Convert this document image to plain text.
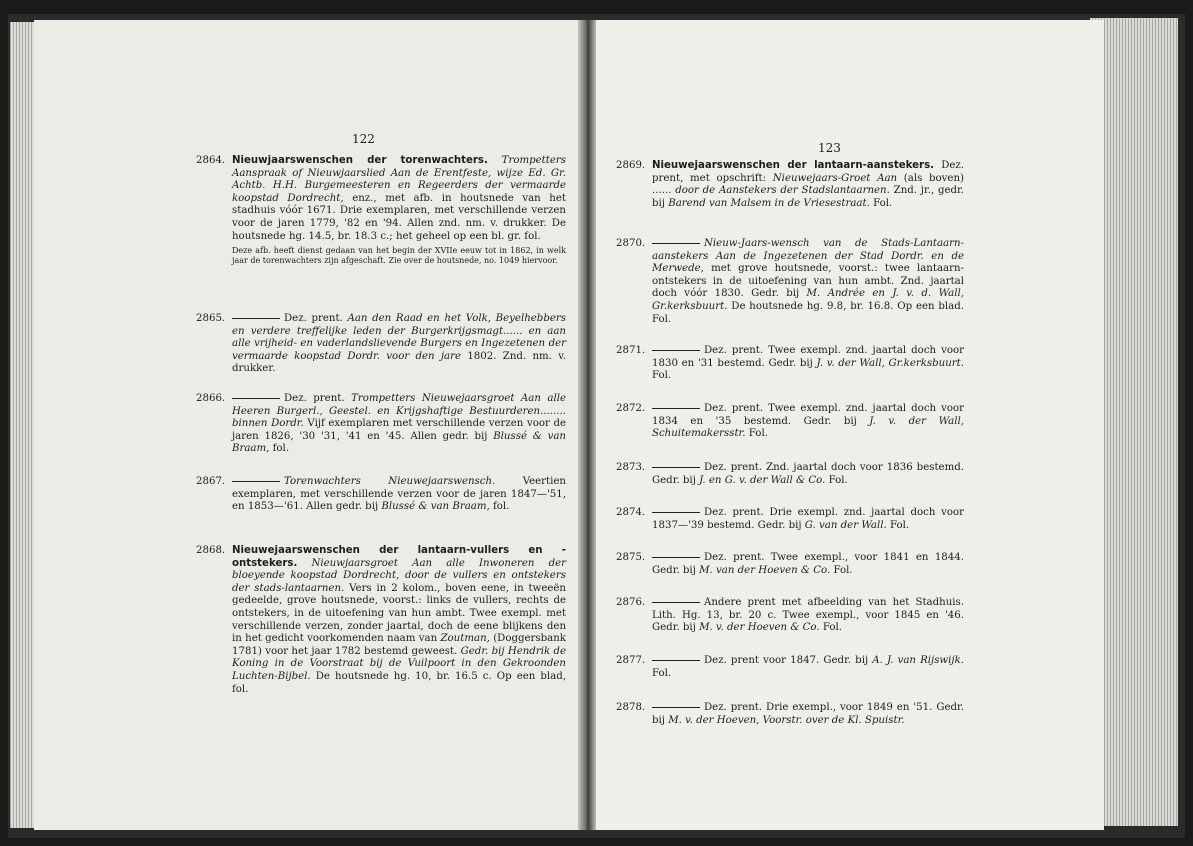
122
2864. Nieuwjaarswenschen der torenwachters. Trompetters Aanspraak of Nieuwjaarslied Aan de Erentfeste, wijze Ed. Gr. Achtb. H.H. Burgemeesteren en Regeerders der vermaarde koopstad Dordrecht, enz., met afb. in houtsnede van het stadhuis vóór 1671. Drie exemplaren, met verschillende verzen voor de jaren 1779, '82 en '94. Allen znd. nm. v. drukker. De houtsnede hg. 14.5, br. 18.3 c.; het geheel op een bl. gr. fol.
Deze afb. heeft dienst gedaan van het begin der XVIIe eeuw tot in 1862, in welk jaar de torenwachters zijn afgeschaft. Zie over de houtsnede, no. 1049 hiervoor.
2865.	Dez. prent. Aan den Raad en het Volk, Beyelhebbers en verdere treffelijke leden der Burgerkrijgsmagt...... en aan alle vrijheid- en vaderlandslievende Burgers en Ingezetenen der vermaarde koopstad Dordr. voor den jare 1802. Znd. nm. v. drukker.
2866.	Dez. prent. Trompetters Nieuwejaarsgroet Aan alle Heeren Burgerl., Geestel. en Krijgshaftige Bestuurderen........ binnen Dordr. Vijf exemplaren met verschillende verzen voor de jaren 1826, '30 '31, '41 en '45. Allen gedr. bij Blussé & van Braam, fol.
2867.	Torenwachters Nieuwejaarswensch.	Veertien exemplaren, met verschillende verzen voor de jaren 1847—'51, en 1853—'61. Allen gedr. bij Blussé & van Braam, fol.
2868. Nieuwejaarswenschen der lantaarn-vullers en -ontstekers. Nieuwjaarsgroet Aan alle Inwoneren der bloeyende koopstad Dordrecht, door de vullers en ontstekers der stads-lantaarnen. Vers in 2 kolom., boven eene, in tweeën gedeelde, grove houtsnede, voorst.: links de vullers, rechts de ontstekers, in de uitoefening van hun ambt. Twee exempl. met verschillende verzen, zonder jaartal, doch de eene blijkens den in het gedicht voorkomenden naam van Zoutman, (Doggersbank 1781) voor het jaar 1782 bestemd geweest. Gedr. bij Hendrik de Koning in de Voorstraat bij de Vuilpoort in den Gekroonden Luchten-Bijbel. De houtsnede hg. 10, br. 16.5 c. Op een blad, fol.
123
2869. Nieuwejaarswenschen der lantaarn-aanstekers. Dez. prent, met opschrift: Nieuwejaars-Groet Aan (als boven) ...... door de Aanstekers der Stadslantaarnen. Znd. jr., gedr. bij Barend van Malsem in de Vriesestraat. Fol.
2870.	Nieuw-Jaars-wensch van de Stads-Lantaarn-aanstekers Aan de Ingezetenen der Stad Dordr. en de Merwede, met grove houtsnede, voorst.: twee lantaarn-ontstekers in de uitoefening van hun ambt. Znd. jaartal doch vóór 1830. Gedr. bij M. Andrée en J. v. d. Wall, Gr.kerksbuurt. De houtsnede hg. 9.8, br. 16.8. Op een blad. Fol.
2871.	Dez. prent. Twee exempl. znd. jaartal doch voor 1830 en '31 bestemd. Gedr. bij J. v. der Wall, Gr.kerksbuurt. Fol.
2872.	Dez. prent. Twee exempl. znd. jaartal doch voor 1834 en '35 bestemd. Gedr. bij J. v. der Wall, Schuitemakersstr. Fol.
2873.	Dez. prent. Znd. jaartal doch voor 1836 bestemd. Gedr. bij J. en G. v. der Wall & Co. Fol.
2874.	Dez. prent. Drie exempl. znd. jaartal doch voor 1837—'39 bestemd. Gedr. bij G. van der Wall. Fol.
2875.	Dez. prent. Twee exempl., voor 1841 en 1844. Gedr. bij M. van der Hoeven & Co. Fol.
2876.	Andere prent met afbeelding van het Stadhuis. Lith. Hg. 13, br. 20 c. Twee exempl., voor 1845 en '46. Gedr. bij M. v. der Hoeven & Co. Fol.
2877.	Dez. prent voor 1847. Gedr. bij A. J. van Rijswijk. Fol.
2878.	Dez. prent. Drie exempl., voor 1849 en '51. Gedr. bij M. v. der Hoeven, Voorstr. over de Kl. Spuistr.
